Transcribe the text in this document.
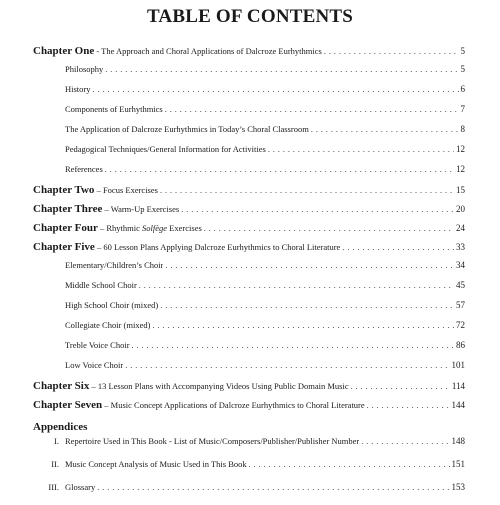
TABLE OF CONTENTS
Chapter One - The Approach and Choral Applications of Dalcroze Eurhythmics . . .	5
Philosophy . . .	5
History . . .	6
Components of Eurhythmics . . .	7
The Application of Dalcroze Eurhythmics in Today’s Choral Classroom . . .	8
Pedagogical Techniques/General Information for Activities . . .	12
References . . .	12
Chapter Two – Focus Exercises . . .	15
Chapter Three – Warm-Up Exercises . . .	20
Chapter Four – Rhythmic Solfège Exercises . . .	24
Chapter Five – 60 Lesson Plans Applying Dalcroze Eurhythmics to Choral Literature . . .	33
Elementary/Children’s Choir . . .	34
Middle School Choir . . .	45
High School Choir (mixed) . . .	57
Collegiate Choir (mixed) . . .	72
Treble Voice Choir . . .	86
Low Voice Choir . . .	101
Chapter Six – 13 Lesson Plans with Accompanying Videos Using Public Domain Music . . .	114
Chapter Seven – Music Concept Applications of Dalcroze Eurhythmics to Choral Literature . . .	144
Appendices
I. Repertoire Used in This Book - List of Music/Composers/Publisher/Publisher Number . . .	148
II. Music Concept Analysis of Music Used in This Book . . .	151
III. Glossary . . .	153
